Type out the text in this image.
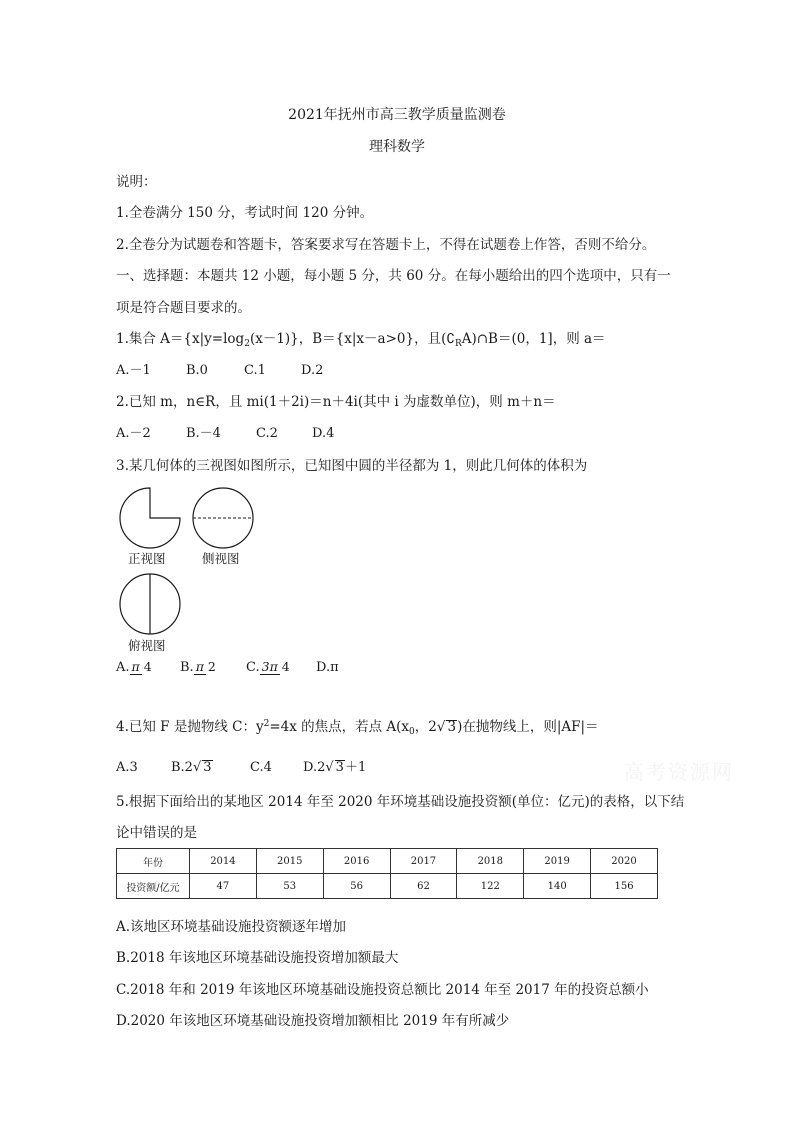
2021年抚州市高三教学质量监测卷
理科数学
说明：
1.全卷满分 150 分，考试时间 120 分钟。
2.全卷分为试题卷和答题卡，答案要求写在答题卡上，不得在试题卷上作答，否则不给分。
一、选择题：本题共 12 小题，每小题 5 分，共 60 分。在每小题给出的四个选项中，只有一
项是符合题目要求的。
1.集合 $A=\{x|y=\log_2(x-1)\}$，B＝{x|x－a>0}，且$(∁_RA)\cap B=(0$，1]，则 a＝
A.－1	B.0	C.1	D.2
2.已知 m，n∈R，且 mi(1＋2i)＝n＋4i(其中 i 为虚数单位)，则 m＋n＝
A.－2	B.－4	C.2	D.4
3.某几何体的三视图如图所示，已知图中圆的半径都为 1，则此几何体的体积为
正视图	侧视图
俯视图
A. π 4 B. π 2 C. 3π 4 D.π
4.已知 F 是抛物线 C：$y^2=4x$ 的焦点，若点 $A(x_0$，2√ 3)在抛物线上，则|AF|＝
A.3	B.2√ 3	C.4 D.2√ 3＋1	高考资源网
5.根据下面给出的某地区 2014 年至 2020 年环境基础设施投资额(单位：亿元)的表格，以下结
论中错误的是
年份	2014	2015	2016	2017	2018	2019	2020
投资额/亿元	47	53	56	62	122	140	156
A.该地区环境基础设施投资额逐年增加
B.2018 年该地区环境基础设施投资增加额最大
C.2018 年和 2019 年该地区环境基础设施投资总额比 2014 年至 2017 年的投资总额小
D.2020 年该地区环境基础设施投资增加额相比 2019 年有所减少
